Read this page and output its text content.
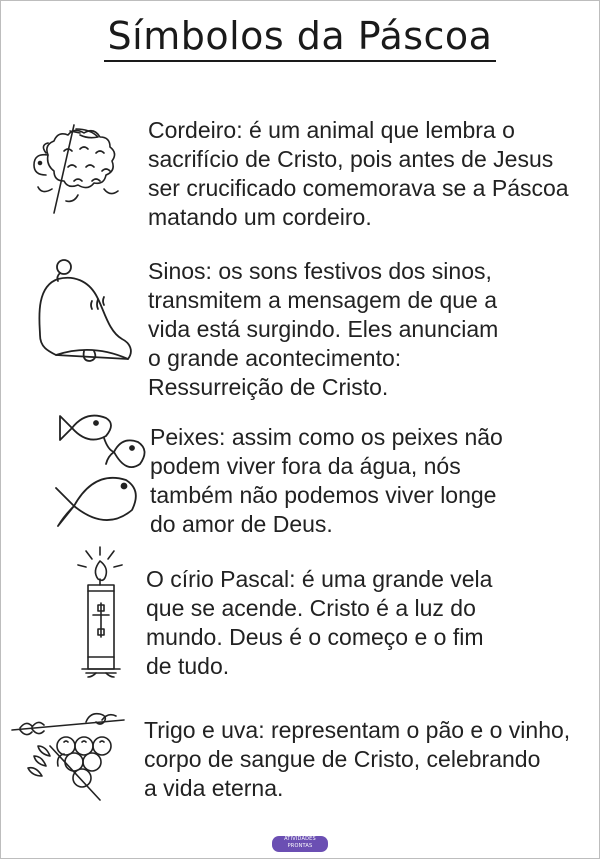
Símbolos da Páscoa
Cordeiro: é um animal que lembra o
sacrifício de Cristo, pois antes de Jesus
ser crucificado comemorava se a Páscoa
matando um cordeiro.
Sinos: os sons festivos dos sinos,
transmitem a mensagem de que a
vida está surgindo. Eles anunciam
o grande acontecimento:
Ressurreição de Cristo.
Peixes: assim como os peixes não
podem viver fora da água, nós
também não podemos viver longe
do amor de Deus.
O círio Pascal: é uma grande vela
que se acende. Cristo é a luz do
mundo. Deus é o começo e o fim
de tudo.
Trigo e uva: representam o pão e o vinho,
corpo de sangue de Cristo, celebrando
a vida eterna.
ATIVIDADES PRONTAS
